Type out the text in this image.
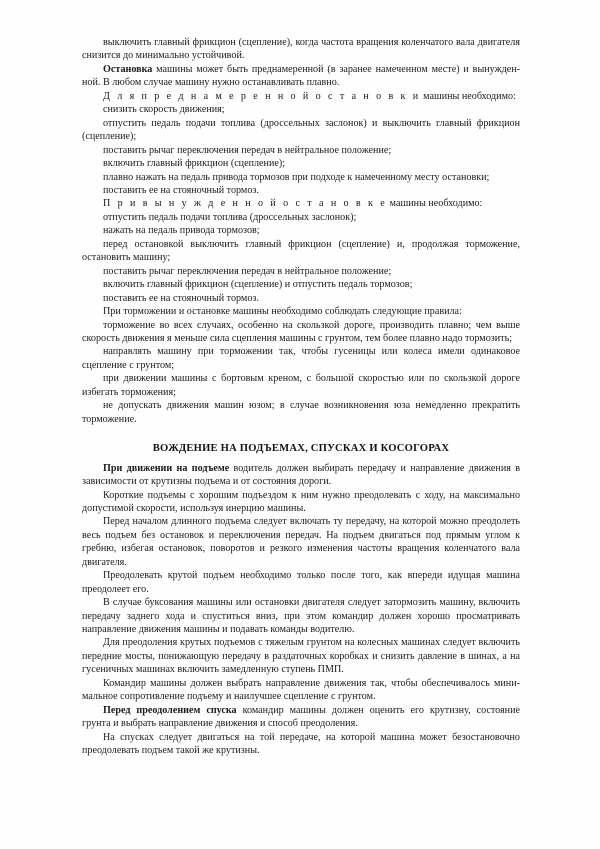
выключить главный фрикцион (сцепление), когда частота вращения коленчатого вала двигателя снизится до минимально устойчивой.

Остановка машины может быть преднамеренной (в заранее намеченном месте) и вынужденной. В любом случае машину нужно останавливать плавно.

Д л я п р е д н а м е р е н н о й о с т а н о в к и машины необходимо:

снизить скорость движения;

отпустить педаль подачи топлива (дроссельных заслонок) и выключить главный фрикцион (сцепление);

поставить рычаг переключения передач в нейтральное положение;

включить главный фрикцион (сцепление);

плавно нажать на педаль привода тормозов при подходе к намеченному месту остановки;

поставить ее на стояночный тормоз.

П р и в ы н у ж д е н н о й о с т а н о в к е машины необходимо:

отпустить педаль подачи топлива (дроссельных заслонок);

нажать на педаль привода тормозов;

перед остановкой выключить главный фрикцион (сцепление) и, продолжая торможение, остановить машину;

поставить рычаг переключения передач в нейтральное положение;

включить главный фрикцион (сцепление) и отпустить педаль тормозов;

поставить ее на стояночный тормоз.

При торможении и остановке машины необходимо соблюдать следующие правила:

торможение во всех случаях, особенно на скользкой дороге, производить плавно; чем выше скорость движения я меньше сила сцепления машины с грунтом, тем более плавно надо тормозить;

направлять машину при торможении так, чтобы гусеницы или колеса имели одинаковое сцепление с грунтом;

при движении машины с бортовым креном, с большой скоростью или по скользкой дороге избегать торможения;

не допускать движения машин юзом; в случае возникновения юза немедленно прекратить торможение.

ВОЖДЕНИЕ НА ПОДЪЕМАХ, СПУСКАХ И КОСОГОРАХ

При движении на подъеме водитель должен выбирать передачу и направление движения в зависимости от крутизны подъема и от состояния дороги.

Короткие подъемы с хорошим подъездом к ним нужно преодолевать с ходу, на максимально допустимой скорости, используя инерцию машины.

Перед началом длинного подъема следует включать ту передачу, на которой можно преодолеть весь подъем без остановок и переключения передач. На подъем двигаться под прямым углом к гребню, избегая остановок, поворотов и резкого изменения частоты вращения коленчатого вала двигателя.

Преодолевать крутой подъем необходимо только после того, как впереди идущая машина преодолеет его.

В случае буксования машины или остановки двигателя следует затормозить машину, включить передачу заднего хода и спуститься вниз, при этом командир должен хорошо просматривать направление движения машины и подавать команды водителю.

Для преодоления крутых подъемов с тяжелым грунтом на колесных машинах следует включить передние мосты, понижающую передачу в раздаточных коробках и снизить давление в шинах, а на гусеничных машинах включить замедленную ступень ПМП.

Командир машины должен выбрать направление движения так, чтобы обеспечивалось минимальное сопротивление подъему и наилучшее сцепление с грунтом.

Перед преодолением спуска командир машины должен оценить его крутизну, состояние грунта и выбрать направление движения и способ преодоления.

На спусках следует двигаться на той передаче, на которой машина может безостановочно преодолевать подъем такой же крутизны.
